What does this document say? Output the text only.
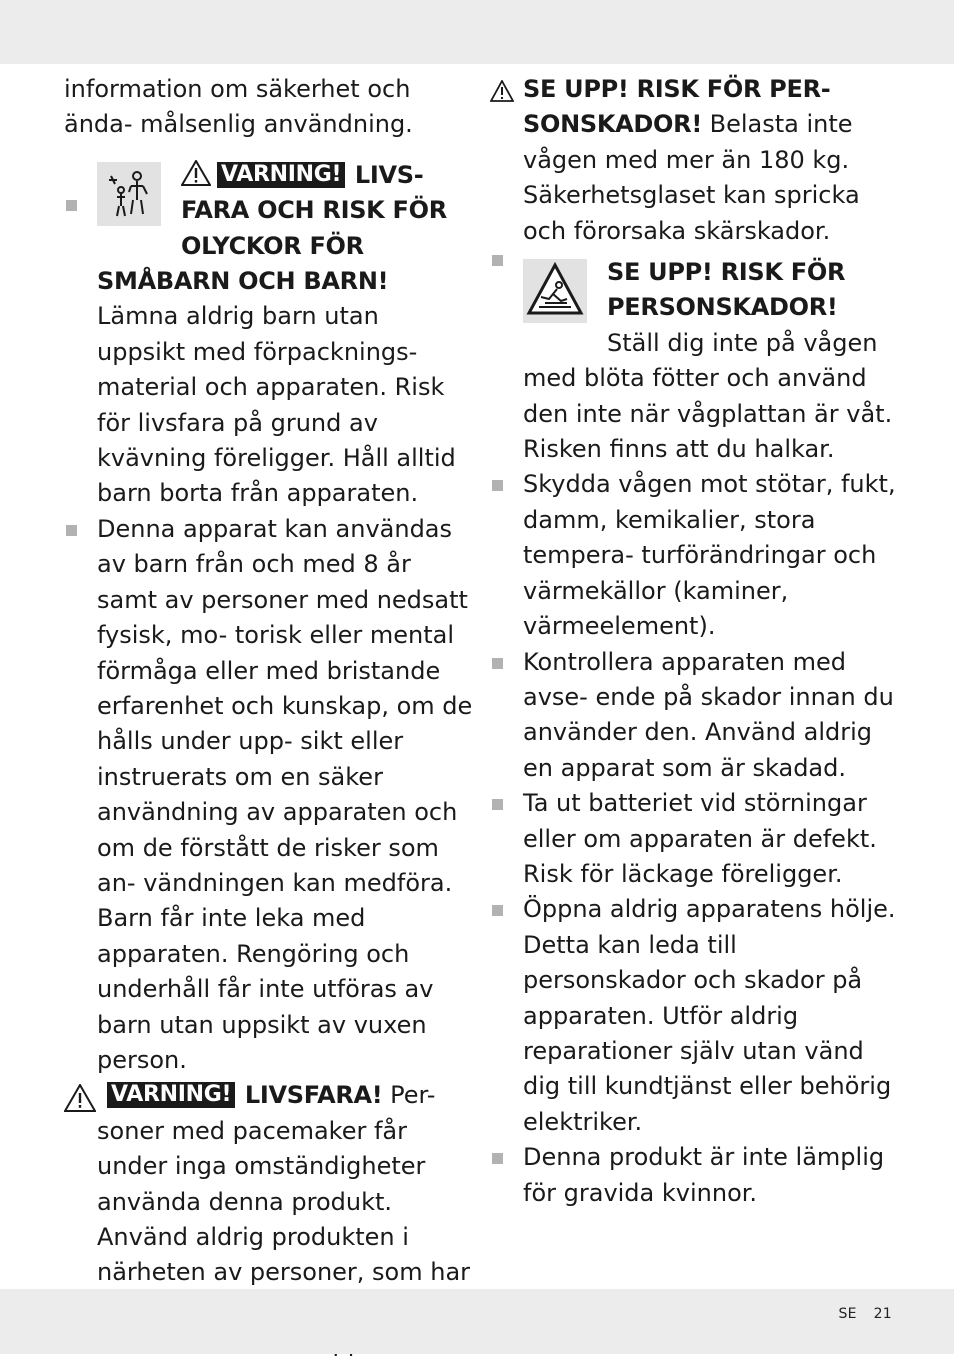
information om säkerhet och ända- målsenlig användning.
VARNING! LIVS- FARA OCH RISK FÖR OLYCKOR FÖR SMÅBARN OCH BARN! Lämna aldrig barn utan uppsikt med förpacknings- material och apparaten. Risk för livsfara på grund av kvävning föreligger. Håll alltid barn borta från apparaten.
Denna apparat kan användas av barn från och med 8 år samt av personer med nedsatt fysisk, mo- torisk eller mental förmåga eller med bristande erfarenhet och kunskap, om de hålls under upp- sikt eller instruerats om en säker användning av apparaten och om de förstått de risker som an- vändningen kan medföra. Barn får inte leka med apparaten. Rengöring och underhåll får inte utföras av barn utan uppsikt av vuxen person.
VARNING! LIVSFARA! Per- soner med pacemaker får under inga omständigheter använda denna produkt. Använd aldrig produkten i närheten av personer, som har
SE UPP! RISK FÖR PER- SONSKADOR! Belasta inte vågen med mer än 180 kg. Säkerhetsglaset kan spricka och förorsaka skärskador.
SE UPP! RISK FÖR PERSONSKADOR!
Ställ dig inte på vågen med blöta fötter och använd den inte när vågplattan är våt. Risken finns att du halkar.
Skydda vågen mot stötar, fukt, damm, kemikalier, stora tempera- turförändringar och värmekällor (kaminer, värmeelement).
Kontrollera apparaten med avse- ende på skador innan du använder den. Använd aldrig en apparat som är skadad.
Ta ut batteriet vid störningar eller om apparaten är defekt. Risk för läckage föreligger.
Öppna aldrig apparatens hölje. Detta kan leda till personskador och skador på apparaten. Utför aldrig reparationer själv utan vänd dig till kundtjänst eller behörig elektriker.
Denna produkt är inte lämplig för gravida kvinnor.
SE 21
